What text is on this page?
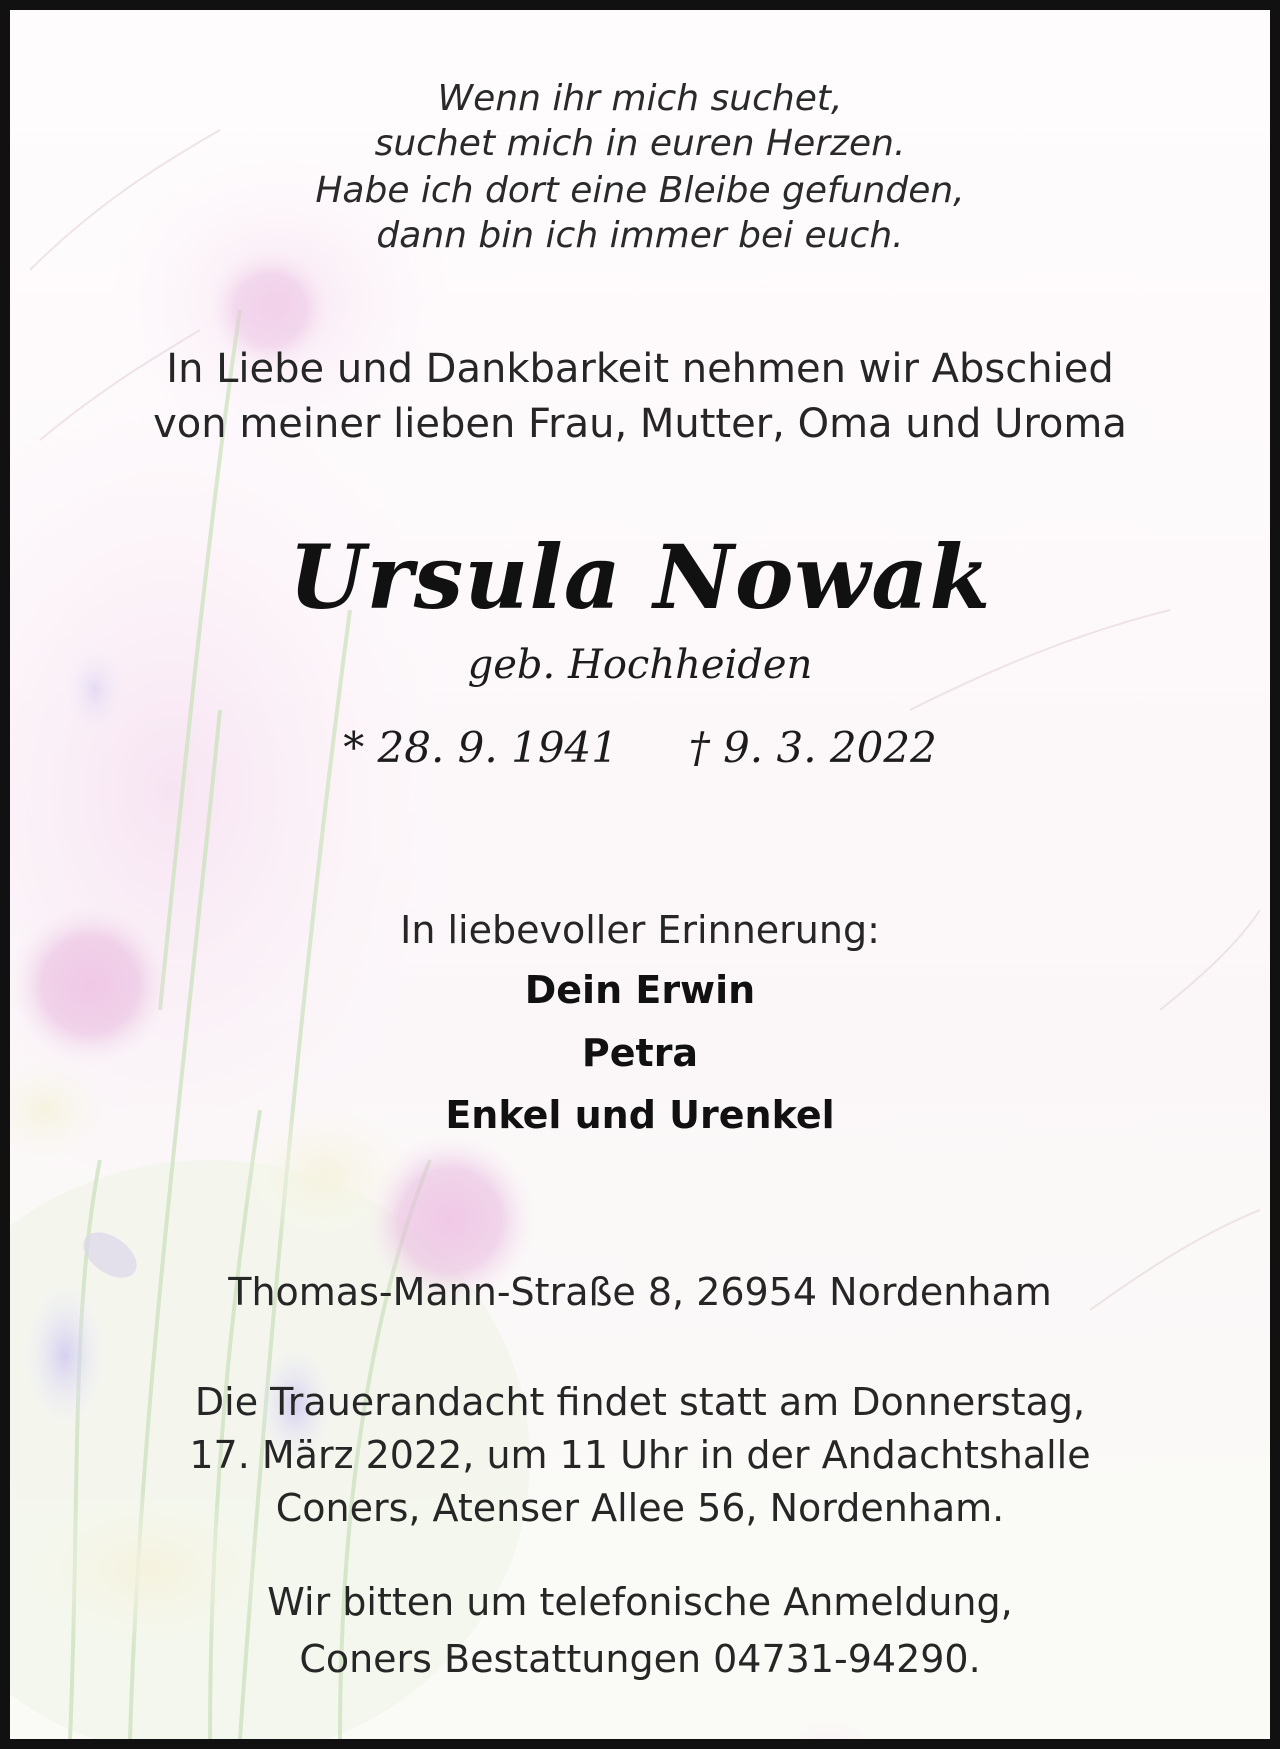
Wenn ihr mich suchet,
suchet mich in euren Herzen.
Habe ich dort eine Bleibe gefunden,
dann bin ich immer bei euch.
In Liebe und Dankbarkeit nehmen wir Abschied
von meiner lieben Frau, Mutter, Oma und Uroma
Ursula Nowak
geb. Hochheiden
* 28. 9. 1941 † 9. 3. 2022
In liebevoller Erinnerung:
Dein Erwin
Petra
Enkel und Urenkel
Thomas-Mann-Straße 8, 26954 Nordenham
Die Trauerandacht findet statt am Donnerstag,
17. März 2022, um 11 Uhr in der Andachtshalle
Coners, Atenser Allee 56, Nordenham.
Wir bitten um telefonische Anmeldung,
Coners Bestattungen 04731-94290.
